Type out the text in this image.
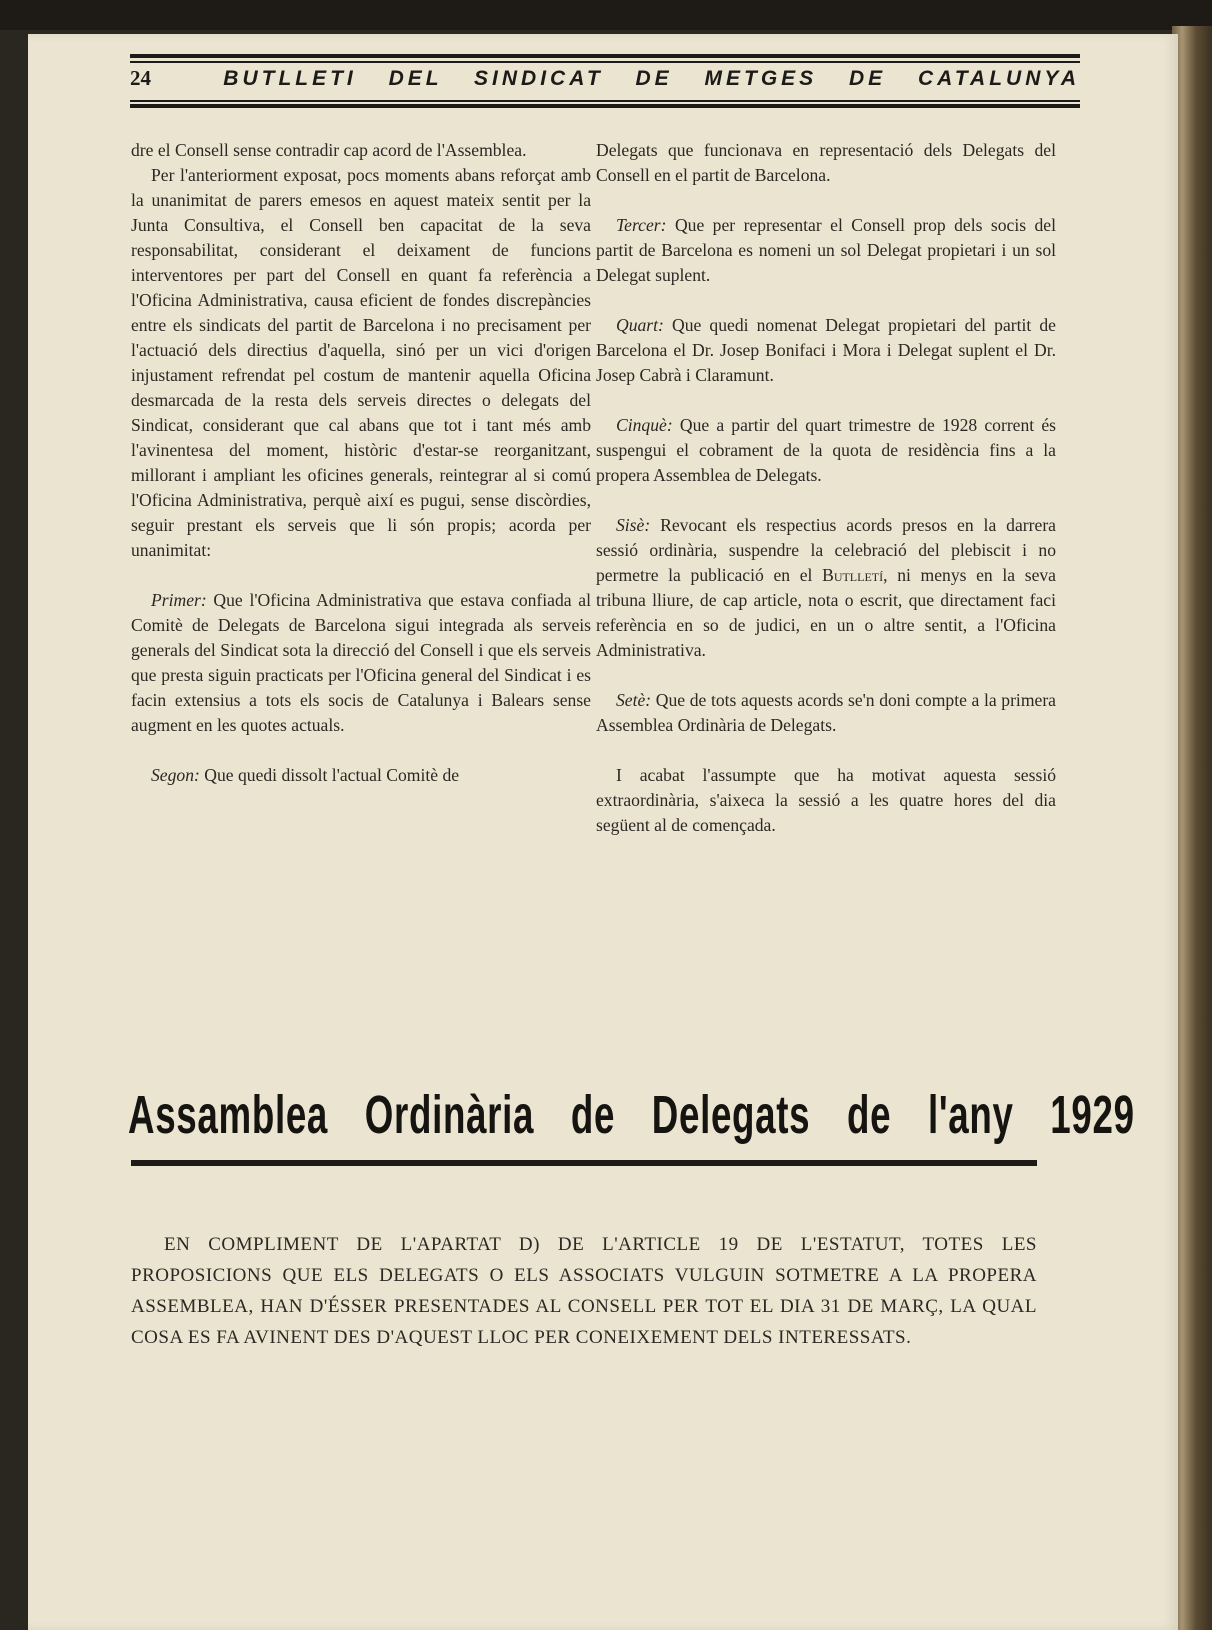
24	BUTLLETI DEL SINDICAT DE METGES DE CATALUNYA

dre el Consell sense contradir cap acord de l'Assemblea.

Per l'anteriorment exposat, pocs moments abans reforçat amb la unanimitat de parers emesos en aquest mateix sentit per la Junta Consultiva, el Consell ben capacitat de la seva responsabilitat, considerant el deixament de funcions interventores per part del Consell en quant fa referència a l'Oficina Administrativa, causa eficient de fondes discrepàncies entre els sindicats del partit de Barcelona i no precisament per l'actuació dels directius d'aquella, sinó per un vici d'origen injustament refrendat pel costum de mantenir aquella Oficina desmarcada de la resta dels serveis directes o delegats del Sindicat, considerant que cal abans que tot i tant més amb l'avinentesa del moment, històric d'estar-se reorganitzant, millorant i ampliant les oficines generals, reintegrar al si comú l'Oficina Administrativa, perquè així es pugui, sense discòrdies, seguir prestant els serveis que li són propis; acorda per unanimitat:

Primer: Que l'Oficina Administrativa que estava confiada al Comitè de Delegats de Barcelona sigui integrada als serveis generals del Sindicat sota la direcció del Consell i que els serveis que presta siguin practicats per l'Oficina general del Sindicat i es facin extensius a tots els socis de Catalunya i Balears sense augment en les quotes actuals.

Segon: Que quedi dissolt l'actual Comitè de

Delegats que funcionava en representació dels Delegats del Consell en el partit de Barcelona.

Tercer: Que per representar el Consell prop dels socis del partit de Barcelona es nomeni un sol Delegat propietari i un sol Delegat suplent.

Quart: Que quedi nomenat Delegat propietari del partit de Barcelona el Dr. Josep Bonifaci i Mora i Delegat suplent el Dr. Josep Cabrà i Claramunt.

Cinquè: Que a partir del quart trimestre de 1928 corrent és suspengui el cobrament de la quota de residència fins a la propera Assemblea de Delegats.

Sisè: Revocant els respectius acords presos en la darrera sessió ordinària, suspendre la celebració del plebiscit i no permetre la publicació en el Butlletí, ni menys en la seva tribuna lliure, de cap article, nota o escrit, que directament faci referència en so de judici, en un o altre sentit, a l'Oficina Administrativa.

Setè: Que de tots aquests acords se'n doni compte a la primera Assemblea Ordinària de Delegats.

I acabat l'assumpte que ha motivat aquesta sessió extraordinària, s'aixeca la sessió a les quatre hores del dia següent al de començada.

Assamblea Ordinària de Delegats de l'any 1929

EN COMPLIMENT DE L'APARTAT D) DE L'ARTICLE 19 DE L'ESTATUT, TOTES LES PROPOSICIONS QUE ELS DELEGATS O ELS ASSOCIATS VULGUIN SOTMETRE A LA PROPERA ASSEMBLEA, HAN D'ÉSSER PRESENTADES AL CONSELL PER TOT EL DIA 31 DE MARÇ, LA QUAL COSA ES FA AVINENT DES D'AQUEST LLOC PER CONEIXEMENT DELS INTERESSATS.
